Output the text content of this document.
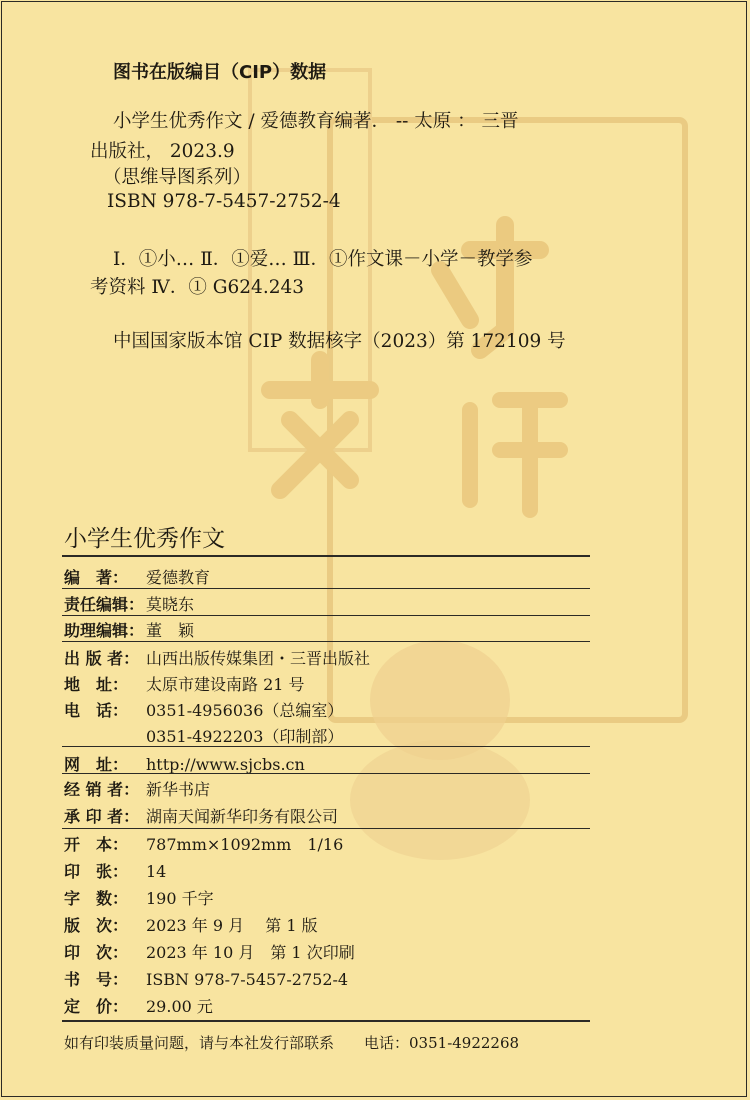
图书在版编目（CIP）数据
小学生优秀作文 / 爱德教育编著． -- 太原 ： 三晋
出版社， 2023.9
（思维导图系列）
ISBN 978-7-5457-2752-4
Ⅰ．①小… Ⅱ．①爱… Ⅲ．①作文课－小学－教学参
考资料 Ⅳ．① G624.243
中国国家版本馆 CIP 数据核字（2023）第 172109 号
小学生优秀作文
编　著： 爱德教育
责任编辑： 莫晓东
助理编辑： 董　颖
出 版 者： 山西出版传媒集团・三晋出版社
地　址： 太原市建设南路 21 号
电　话： 0351-4956036（总编室）
0351-4922203（印制部）
网　址： http://www.sjcbs.cn
经 销 者： 新华书店
承 印 者： 湖南天闻新华印务有限公司
开　本： 787mm×1092mm　1/16
印　张： 14
字　数： 190 千字
版　次： 2023 年 9 月　 第 1 版
印　次： 2023 年 10 月　第 1 次印刷
书　号： ISBN 978-7-5457-2752-4
定　价： 29.00 元
如有印装质量问题，请与本社发行部联系 电话：0351-4922268
